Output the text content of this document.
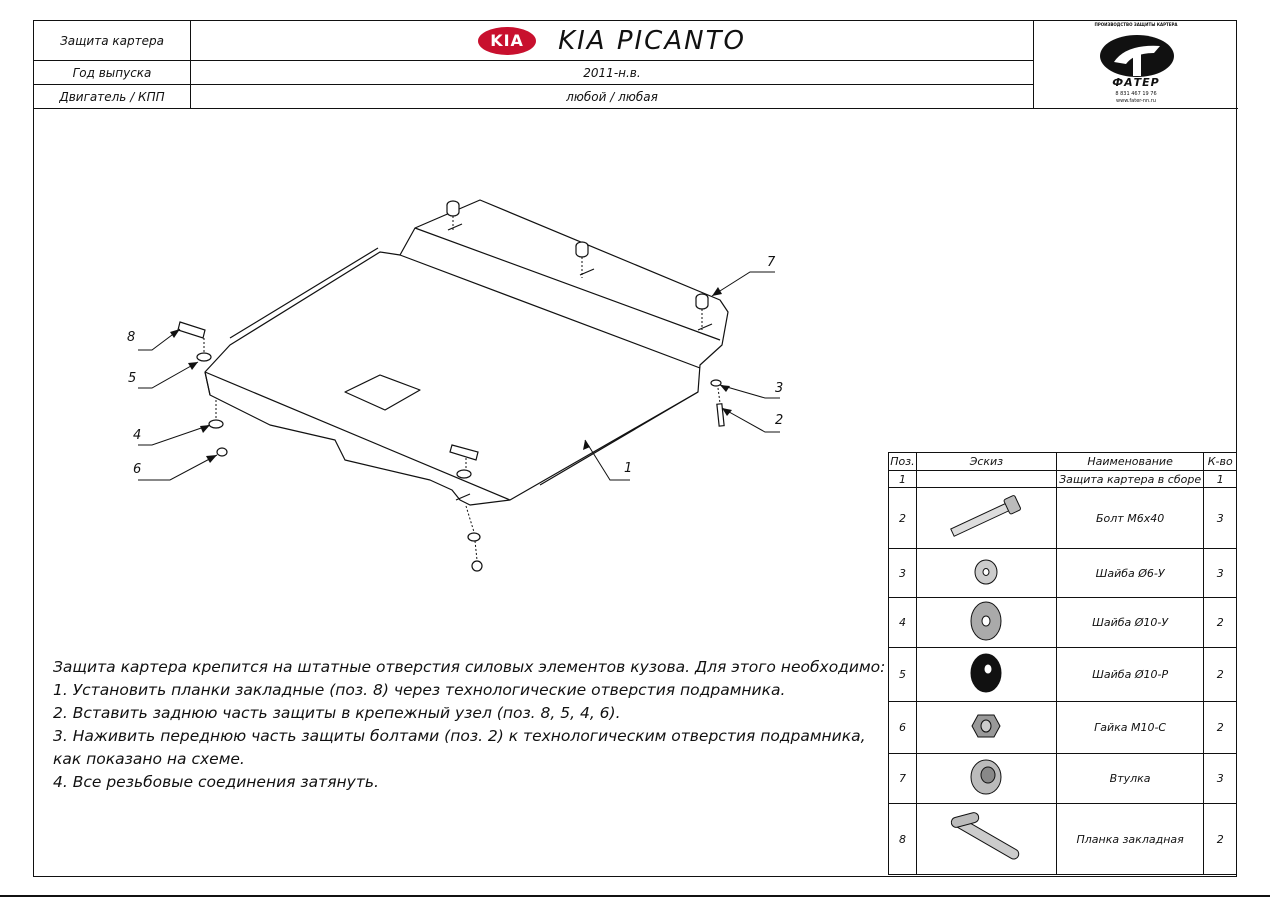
Защита картера	KIA	KIA PICANTO
Год выпуска	2011-н.в.
Двигатель / КПП	любой / любая
ПРОИЗВОДСТВО ЗАЩИТЫ КАРТЕРА
ФАТЕР
8 831 467 19 76
www.fater-nn.ru
1
2
3
4
5
6
7
8
Защита картера крепится на штатные отверстия силовых элементов кузова. Для этого необходимо:
1. Установить планки закладные (поз. 8) через технологические отверстия подрамника.
2. Вставить заднюю часть защиты в крепежный узел (поз. 8, 5, 4, 6).
3. Наживить переднюю часть защиты болтами (поз. 2) к технологическим отверстия подрамника,
как показано на схеме.
4. Все резьбовые соединения затянуть.
Поз.	Эскиз	Наименование	К-во
1		Защита картера в сборе	1
2		Болт М6х40	3
3		Шайба Ø6-У	3
4		Шайба Ø10-У	2
5		Шайба Ø10-Р	2
6		Гайка М10-С	2
7		Втулка	3
8		Планка закладная	2
